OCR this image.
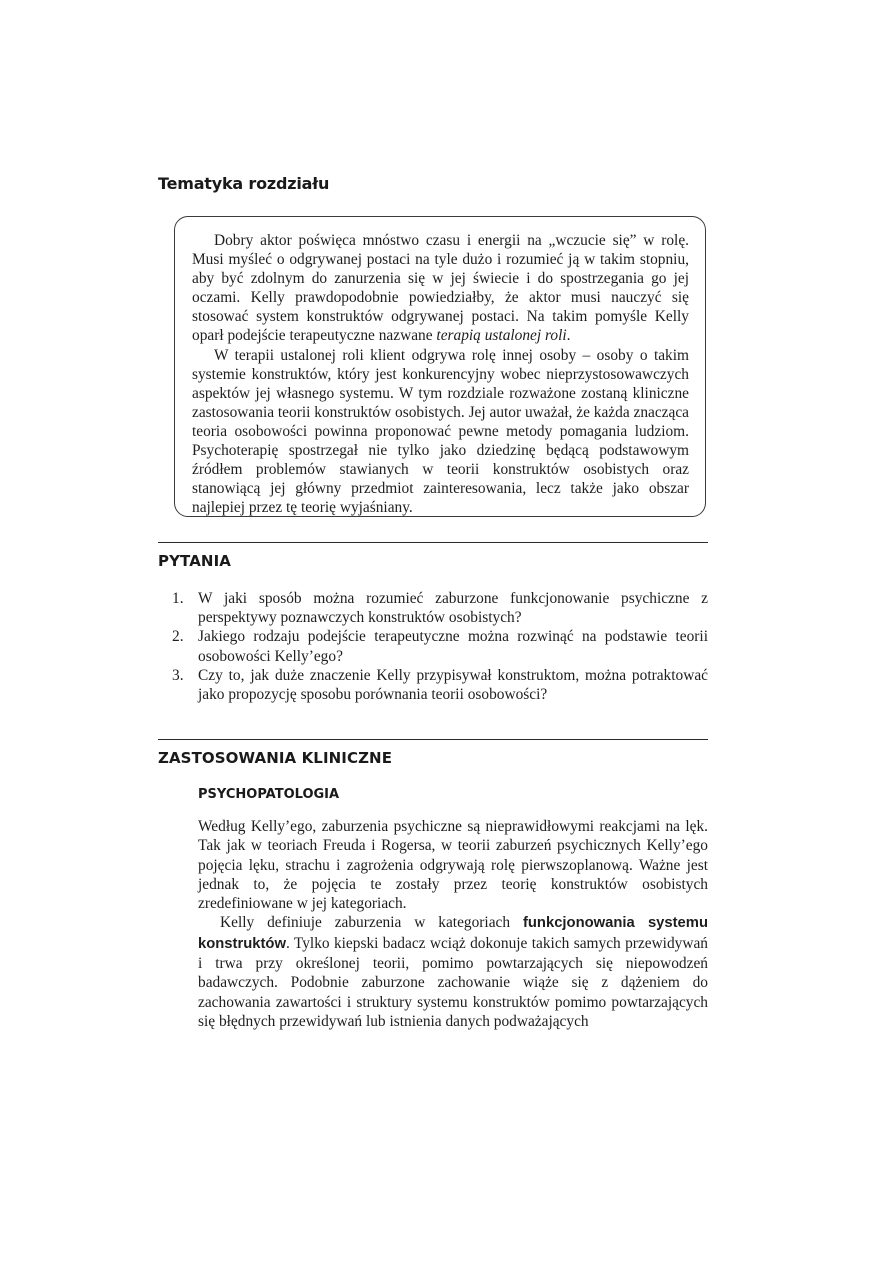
Tematyka rozdziału

Dobry aktor poświęca mnóstwo czasu i energii na „wczucie się” w rolę. Musi myśleć o odgrywanej postaci na tyle dużo i rozumieć ją w takim stopniu, aby być zdolnym do zanurzenia się w jej świecie i do spostrzegania go jej oczami. Kelly prawdopodobnie powiedziałby, że aktor musi nauczyć się stosować system konstruktów odgrywanej postaci. Na takim pomyśle Kelly oparł podejście terapeutyczne nazwane terapią ustalonej roli.

W terapii ustalonej roli klient odgrywa rolę innej osoby – osoby o takim systemie konstruktów, który jest konkurencyjny wobec nieprzystosowawczych aspektów jej własnego systemu. W tym rozdziale rozważone zostaną kliniczne zastosowania teorii konstruktów osobistych. Jej autor uważał, że każda znacząca teoria osobowości powinna proponować pewne metody pomagania ludziom. Psychoterapię spostrzegał nie tylko jako dziedzinę będącą podstawowym źródłem problemów stawianych w teorii konstruktów osobistych oraz stanowiącą jej główny przedmiot zainteresowania, lecz także jako obszar najlepiej przez tę teorię wyjaśniany.

PYTANIA
1. W jaki sposób można rozumieć zaburzone funkcjonowanie psychiczne z perspektywy poznawczych konstruktów osobistych?
2. Jakiego rodzaju podejście terapeutyczne można rozwinąć na podstawie teorii osobowości Kelly’ego?
3. Czy to, jak duże znaczenie Kelly przypisywał konstruktom, można potraktować jako propozycję sposobu porównania teorii osobowości?
ZASTOSOWANIA KLINICZNE
PSYCHOPATOLOGIA

Według Kelly’ego, zaburzenia psychiczne są nieprawidłowymi reakcjami na lęk. Tak jak w teoriach Freuda i Rogersa, w teorii zaburzeń psychicznych Kelly’ego pojęcia lęku, strachu i zagrożenia odgrywają rolę pierwszoplanową. Ważne jest jednak to, że pojęcia te zostały przez teorię konstruktów osobistych zredefiniowane w jej kategoriach.

Kelly definiuje zaburzenia w kategoriach funkcjonowania systemu konstruktów. Tylko kiepski badacz wciąż dokonuje takich samych przewidywań i trwa przy określonej teorii, pomimo powtarzających się niepowodzeń badawczych. Podobnie zaburzone zachowanie wiąże się z dążeniem do zachowania zawartości i struktury systemu konstruktów pomimo powtarzających się błędnych przewidywań lub istnienia danych podważających
